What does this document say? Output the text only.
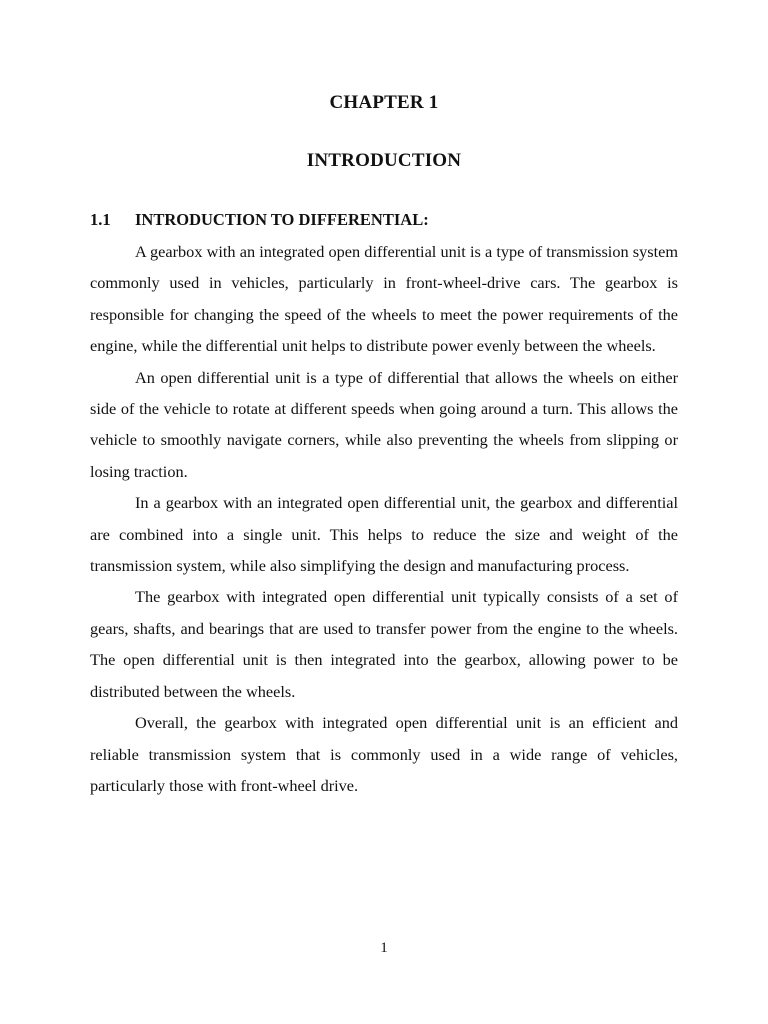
CHAPTER 1
INTRODUCTION
1.1	INTRODUCTION TO DIFFERENTIAL:

A gearbox with an integrated open differential unit is a type of transmission system commonly used in vehicles, particularly in front-wheel-drive cars. The gearbox is responsible for changing the speed of the wheels to meet the power requirements of the engine, while the differential unit helps to distribute power evenly between the wheels.

An open differential unit is a type of differential that allows the wheels on either side of the vehicle to rotate at different speeds when going around a turn. This allows the vehicle to smoothly navigate corners, while also preventing the wheels from slipping or losing traction.

In a gearbox with an integrated open differential unit, the gearbox and differential are combined into a single unit. This helps to reduce the size and weight of the transmission system, while also simplifying the design and manufacturing process.

The gearbox with integrated open differential unit typically consists of a set of gears, shafts, and bearings that are used to transfer power from the engine to the wheels. The open differential unit is then integrated into the gearbox, allowing power to be distributed between the wheels.

Overall, the gearbox with integrated open differential unit is an efficient and reliable transmission system that is commonly used in a wide range of vehicles, particularly those with front-wheel drive.

1
